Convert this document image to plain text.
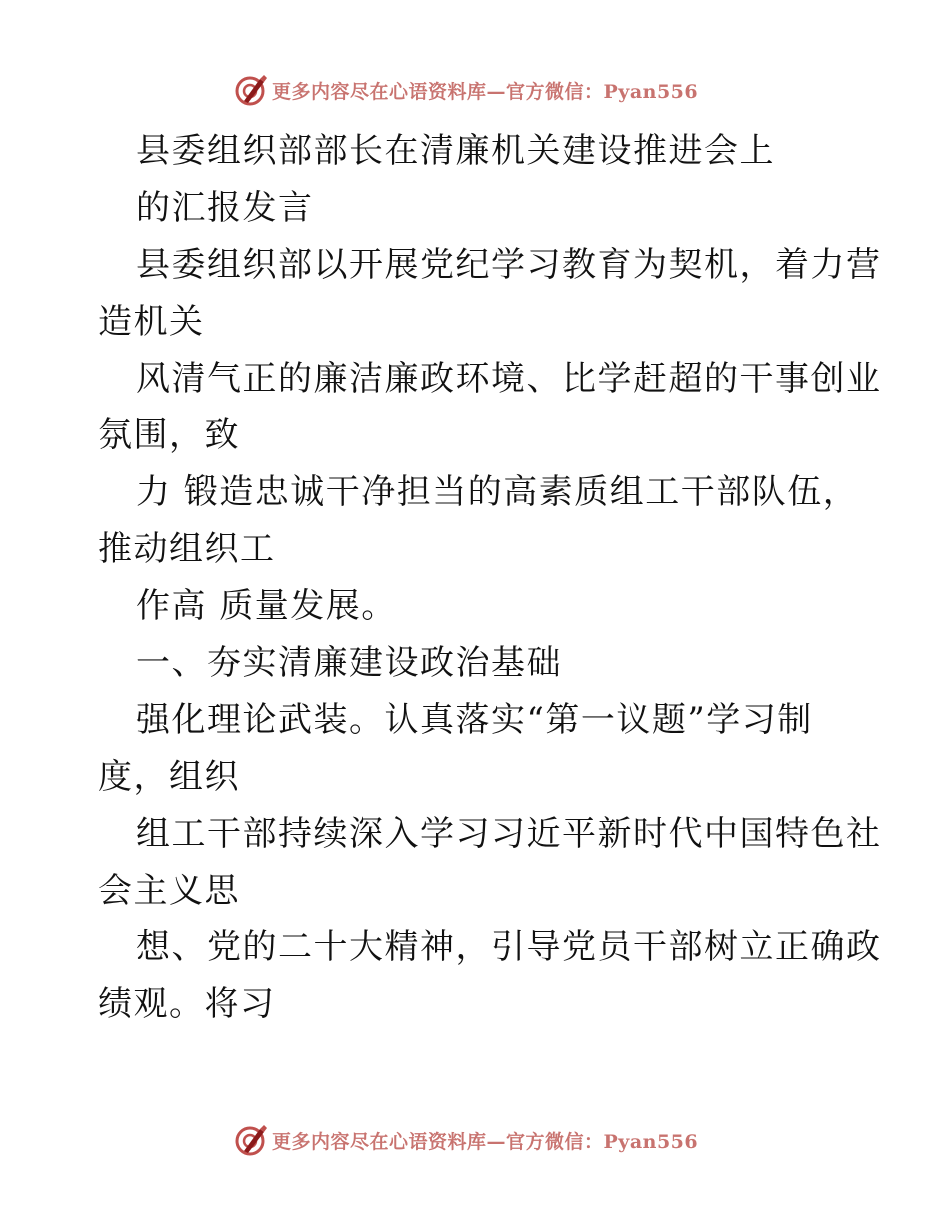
更多内容尽在心语资料库—官方微信：Pyan556
县委组织部部长在清廉机关建设推进会上
的汇报发言
县委组织部以开展党纪学习教育为契机，着力营
造机关
风清气正的廉洁廉政环境、比学赶超的干事创业
氛围，致
力 锻造忠诚干净担当的高素质组工干部队伍，
推动组织工
作高 质量发展。
一、夯实清廉建设政治基础
强化理论武装。认真落实“第一议题”学习制
度，组织
组工干部持续深入学习习近平新时代中国特色社
会主义思
想、党的二十大精神，引导党员干部树立正确政
绩观。将习
更多内容尽在心语资料库—官方微信：Pyan556
